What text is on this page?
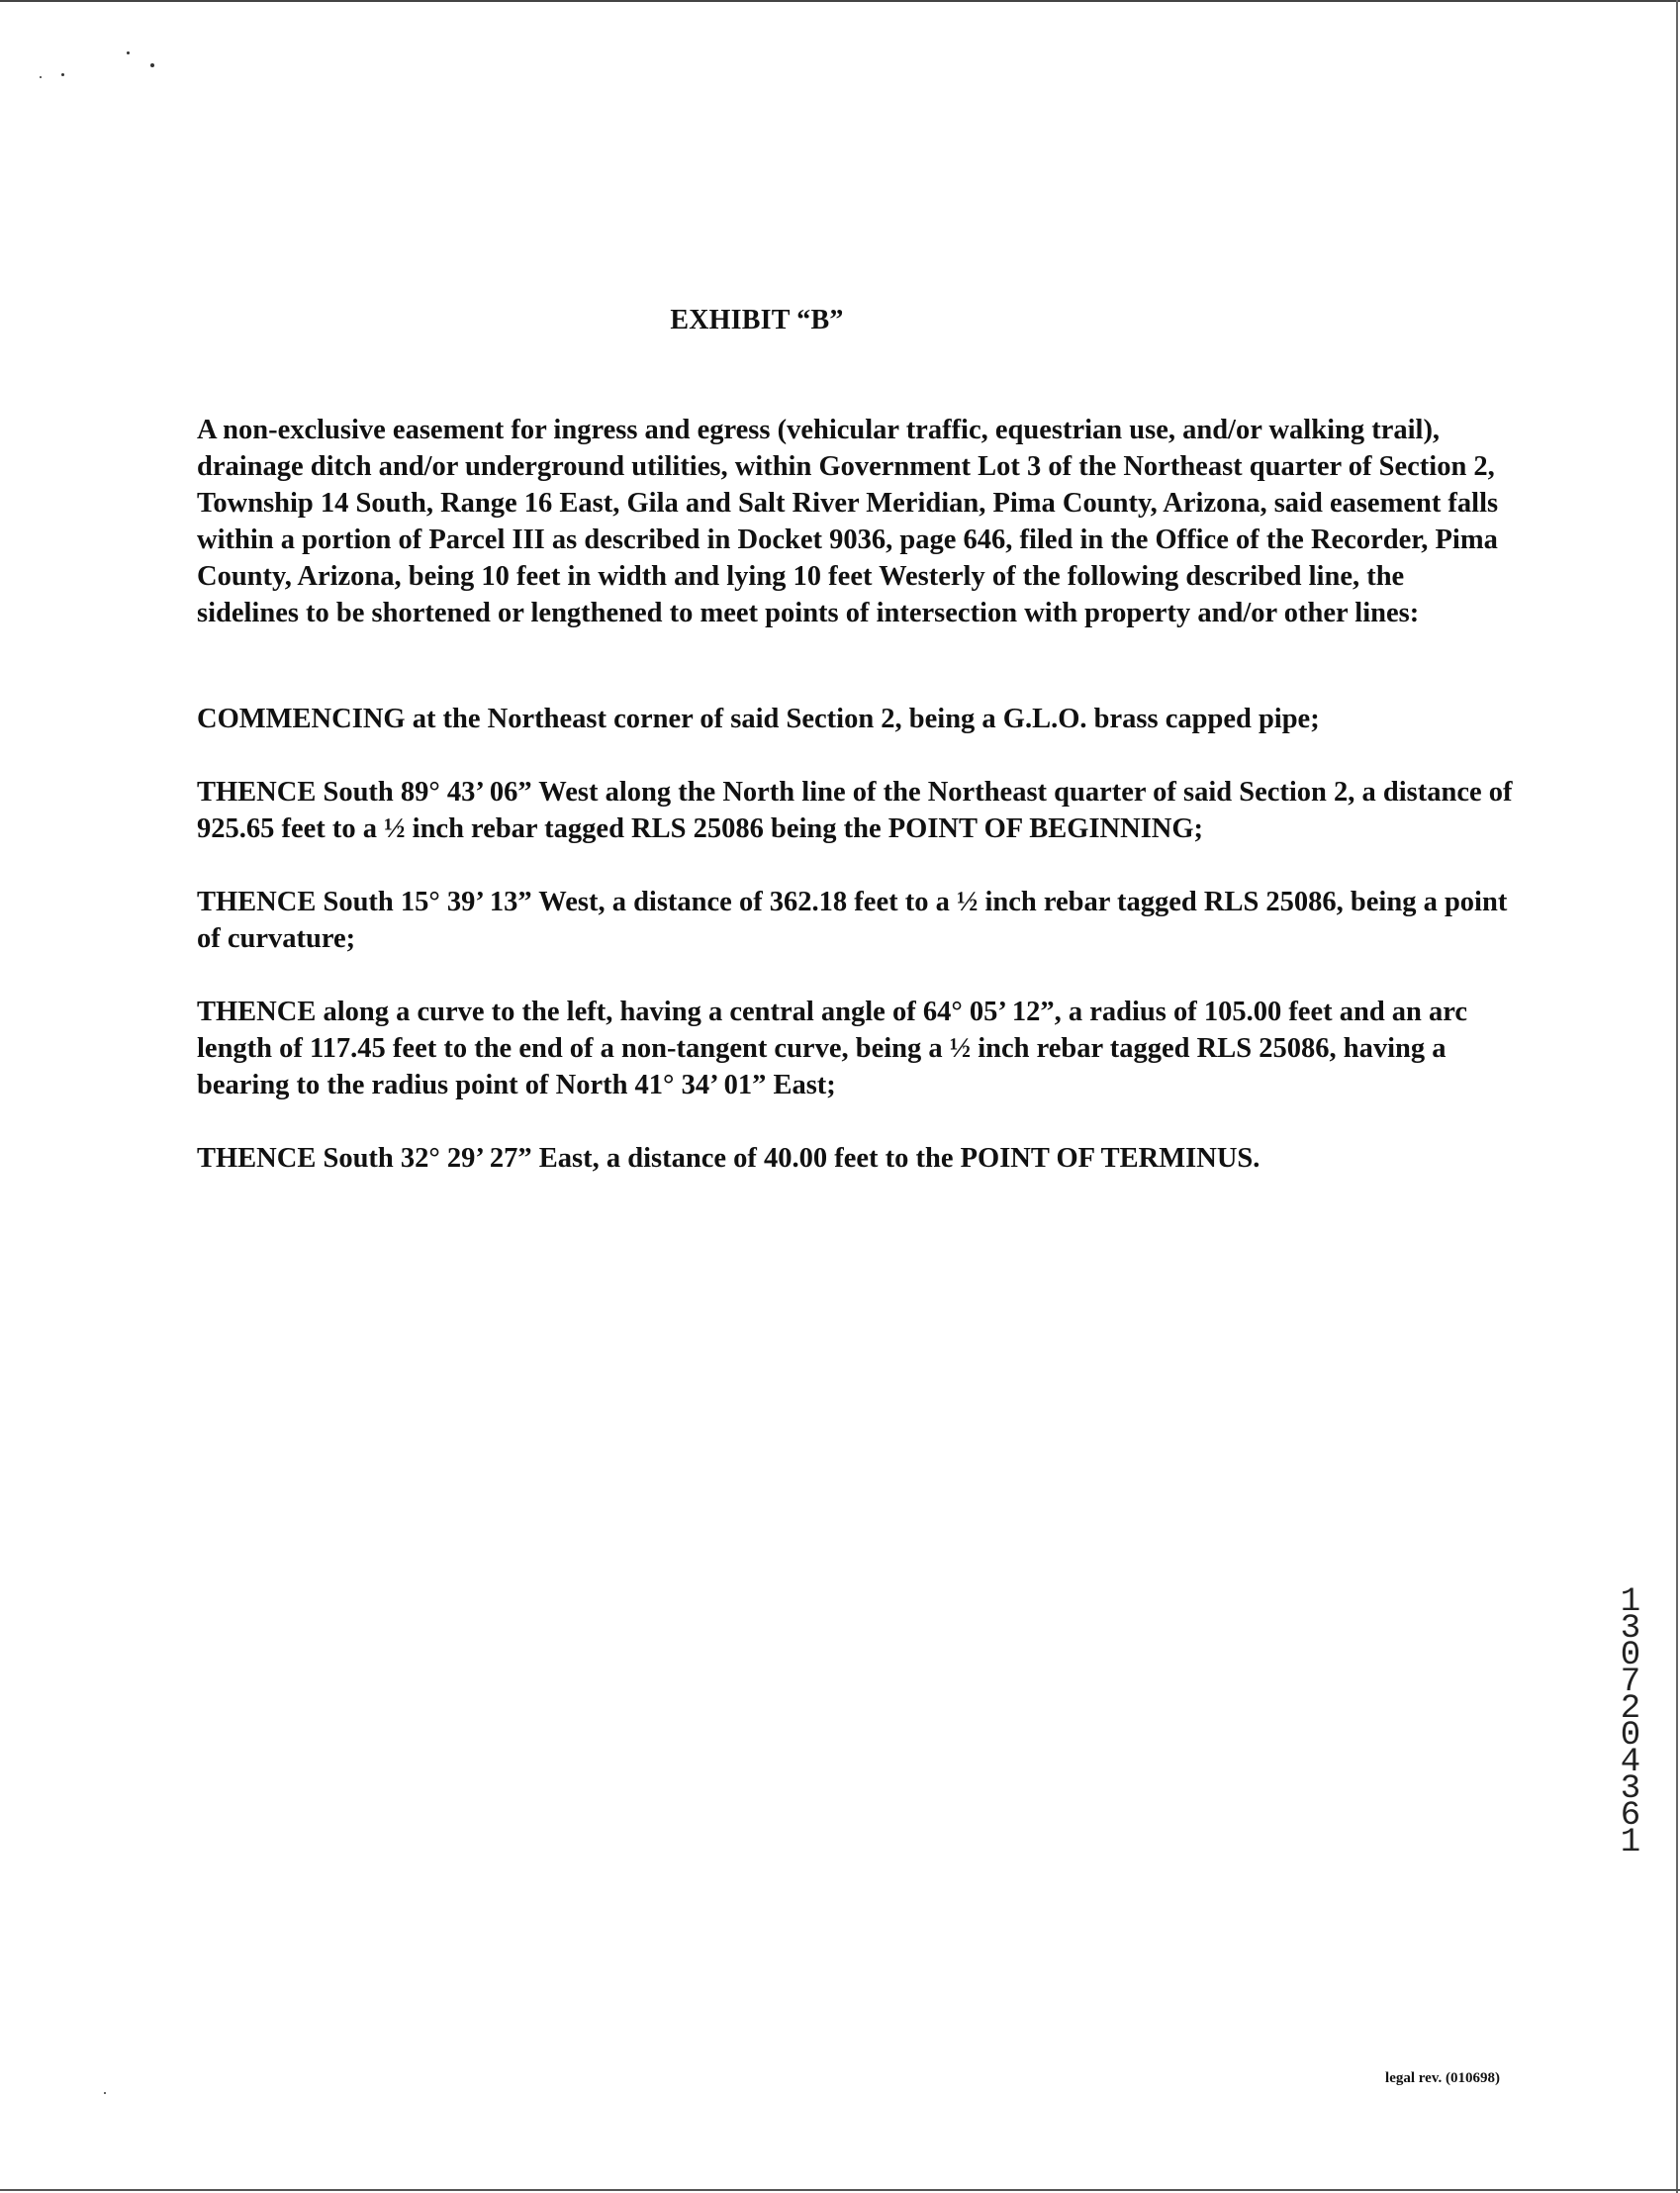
EXHIBIT “B”
A non-exclusive easement for ingress and egress (vehicular traffic, equestrian use, and/or walking trail), drainage ditch and/or underground utilities, within Government Lot 3 of the Northeast quarter of Section 2, Township 14 South, Range 16 East, Gila and Salt River Meridian, Pima County, Arizona, said easement falls within a portion of Parcel III as described in Docket 9036, page 646, filed in the Office of the Recorder, Pima County, Arizona, being 10 feet in width and lying 10 feet Westerly of the following described line, the sidelines to be shortened or lengthened to meet points of intersection with property and/or other lines:
COMMENCING at the Northeast corner of said Section 2, being a G.L.O. brass capped pipe;
THENCE South 89° 43’ 06” West along the North line of the Northeast quarter of said Section 2, a distance of 925.65 feet to a ½ inch rebar tagged RLS 25086 being the POINT OF BEGINNING;
THENCE South 15° 39’ 13” West, a distance of 362.18 feet to a ½ inch rebar tagged RLS 25086, being a point of curvature;
THENCE along a curve to the left, having a central angle of 64° 05’ 12”, a radius of 105.00 feet and an arc length of 117.45 feet to the end of a non-tangent curve, being a ½ inch rebar tagged RLS 25086, having a bearing to the radius point of North 41° 34’ 01” East;
THENCE South 32° 29’ 27” East, a distance of 40.00 feet to the POINT OF TERMINUS.
13072 04361
legal rev. (010698)
